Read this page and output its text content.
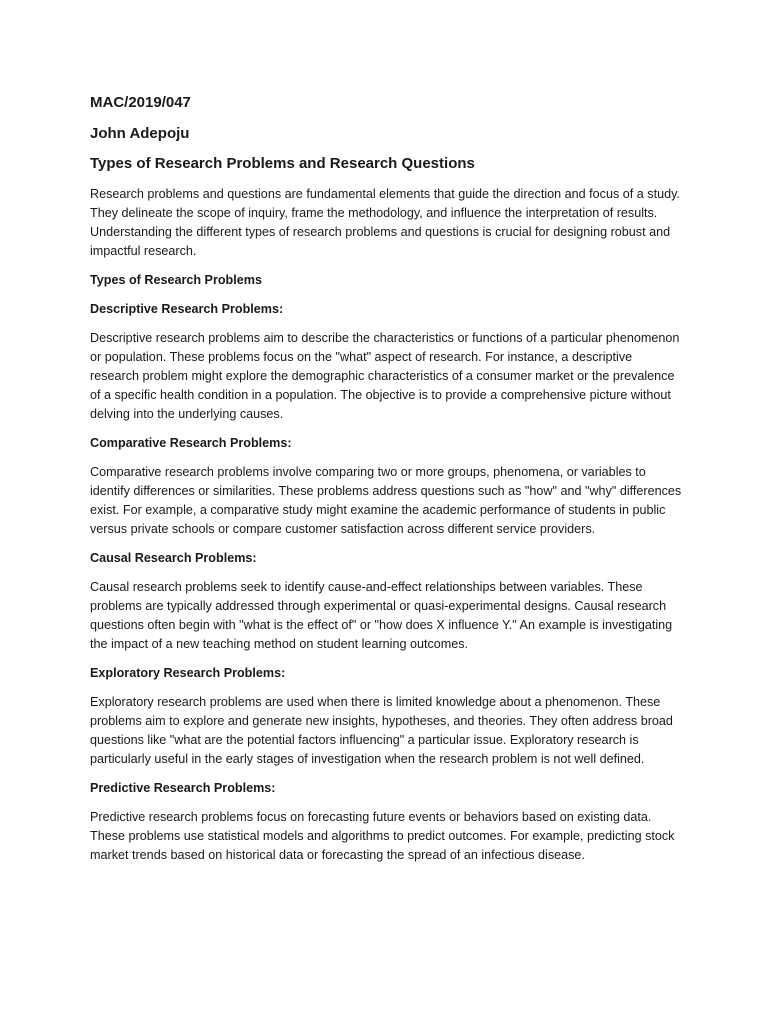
MAC/2019/047
John Adepoju
Types of Research Problems and Research Questions

Research problems and questions are fundamental elements that guide the direction and focus of a study. They delineate the scope of inquiry, frame the methodology, and influence the interpretation of results. Understanding the different types of research problems and questions is crucial for designing robust and impactful research.

Types of Research Problems
Descriptive Research Problems:

Descriptive research problems aim to describe the characteristics or functions of a particular phenomenon or population. These problems focus on the "what" aspect of research. For instance, a descriptive research problem might explore the demographic characteristics of a consumer market or the prevalence of a specific health condition in a population. The objective is to provide a comprehensive picture without delving into the underlying causes.

Comparative Research Problems:

Comparative research problems involve comparing two or more groups, phenomena, or variables to identify differences or similarities. These problems address questions such as "how" and "why" differences exist. For example, a comparative study might examine the academic performance of students in public versus private schools or compare customer satisfaction across different service providers.

Causal Research Problems:

Causal research problems seek to identify cause-and-effect relationships between variables. These problems are typically addressed through experimental or quasi-experimental designs. Causal research questions often begin with "what is the effect of" or "how does X influence Y." An example is investigating the impact of a new teaching method on student learning outcomes.

Exploratory Research Problems:

Exploratory research problems are used when there is limited knowledge about a phenomenon. These problems aim to explore and generate new insights, hypotheses, and theories. They often address broad questions like "what are the potential factors influencing" a particular issue. Exploratory research is particularly useful in the early stages of investigation when the research problem is not well defined.

Predictive Research Problems:

Predictive research problems focus on forecasting future events or behaviors based on existing data. These problems use statistical models and algorithms to predict outcomes. For example, predicting stock market trends based on historical data or forecasting the spread of an infectious disease.
